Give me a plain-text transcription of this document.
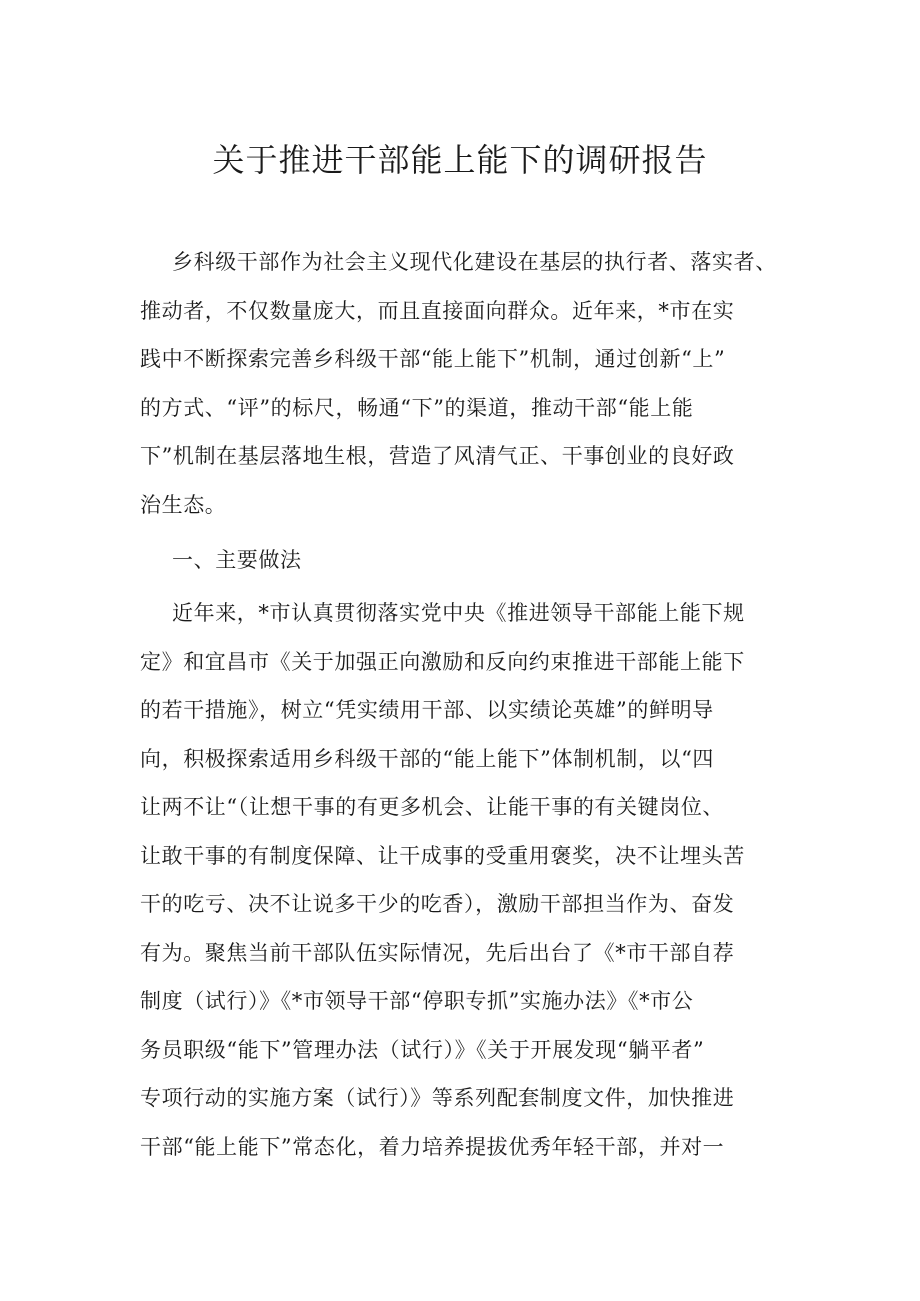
关于推进干部能上能下的调研报告
乡科级干部作为社会主义现代化建设在基层的执行者、落实者、
推动者，不仅数量庞大，而且直接面向群众。近年来，*市在实
践中不断探索完善乡科级干部“能上能下”机制，通过创新“上”
的方式、“评”的标尺，畅通“下”的渠道，推动干部“能上能
下”机制在基层落地生根，营造了风清气正、干事创业的良好政
治生态。
一、主要做法
近年来，*市认真贯彻落实党中央《推进领导干部能上能下规
定》和宜昌市《关于加强正向激励和反向约束推进干部能上能下
的若干措施》，树立“凭实绩用干部、以实绩论英雄”的鲜明导
向，积极探索适用乡科级干部的“能上能下”体制机制，以“四
让两不让“（让想干事的有更多机会、让能干事的有关键岗位、
让敢干事的有制度保障、让干成事的受重用褒奖，决不让埋头苦
干的吃亏、决不让说多干少的吃香），激励干部担当作为、奋发
有为。聚焦当前干部队伍实际情况，先后出台了《*市干部自荐
制度（试行）》《*市领导干部“停职专抓”实施办法》《*市公
务员职级“能下”管理办法（试行）》《关于开展发现“躺平者”
专项行动的实施方案（试行）》等系列配套制度文件，加快推进
干部“能上能下”常态化，着力培养提拔优秀年轻干部，并对一
